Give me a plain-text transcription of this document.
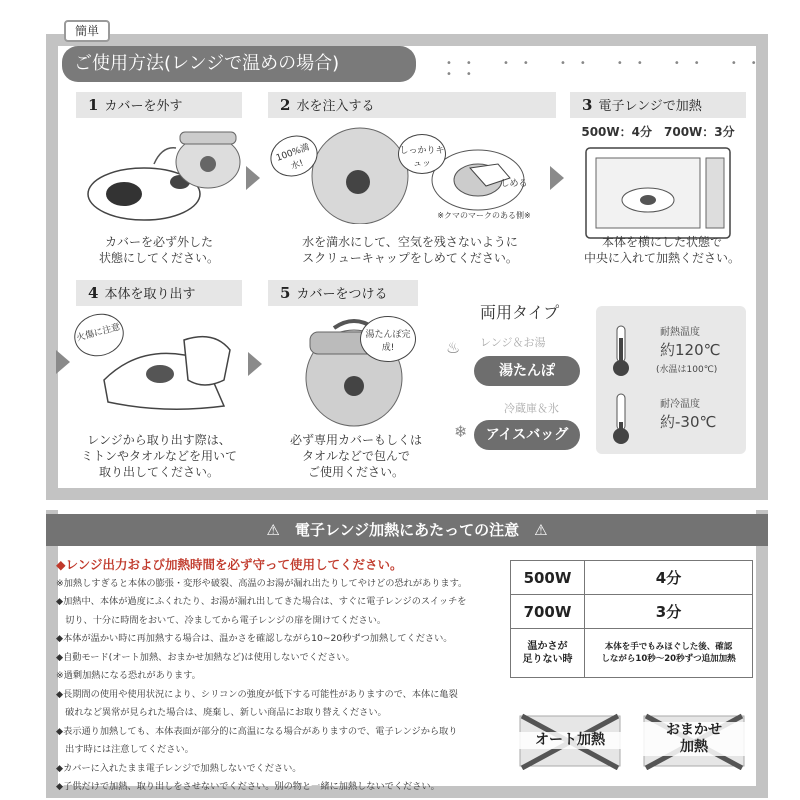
簡単
ご使用方法(レンジで温めの場合)	•• •• •• •• •• •• ••
1 カバーを外す
カバーを必ず外した
状態にしてください。
2 水を注入する
100%満水!
しっかりキュッ
しめる
※クマのマークのある側※
水を満水にして、空気を残さないように
スクリューキャップをしめてください。
3 電子レンジで加熱
500W：4分　700W：3分
本体を横にした状態で
中央に入れて加熱ください。
4 本体を取り出す
火傷に注意
レンジから取り出す際は、
ミトンやタオルなどを用いて
取り出してください。
5 カバーをつける
湯たんぽ完成!
必ず専用カバーもしくは
タオルなどで包んで
ご使用ください。
両用タイプ
レンジ＆お湯
湯たんぽ
冷蔵庫＆氷
アイスバッグ
♨
❄
耐熱温度
約120℃
(水温は100℃)
耐冷温度
約-30℃
⚠　電子レンジ加熱にあたっての注意　⚠
◆レンジ出力および加熱時間を必ず守って使用してください。
※加熱しすぎると本体の膨張・変形や破裂、高温のお湯が漏れ出たりしてやけどの恐れがあります。
◆加熱中、本体が過度にふくれたり、お湯が漏れ出してきた場合は、すぐに電子レンジのスイッチを
　切り、十分に時間をおいて、冷ましてから電子レンジの扉を開けてください。
◆本体が温かい時に再加熱する場合は、温かさを確認しながら10~20秒ずつ加熱してください。
◆自動モード(オート加熱、おまかせ加熱など)は使用しないでください。
※過剰加熱になる恐れがあります。
◆長期間の使用や使用状況により、シリコンの強度が低下する可能性がありますので、本体に亀裂
　破れなど異常が見られた場合は、廃棄し、新しい商品にお取り替えください。
◆表示通り加熱しても、本体表面が部分的に高温になる場合がありますので、電子レンジから取り
　出す時には注意してください。
◆カバーに入れたまま電子レンジで加熱しないでください。
◆子供だけで加熱、取り出しをさせないでください。別の物と一緒に加熱しないでください。
500W	4分
700W	3分
温かさが
足りない時	本体を手でもみほぐした後、確認
しながら10秒～20秒ずつ追加加熱
オート加熱
おまかせ
加熱
